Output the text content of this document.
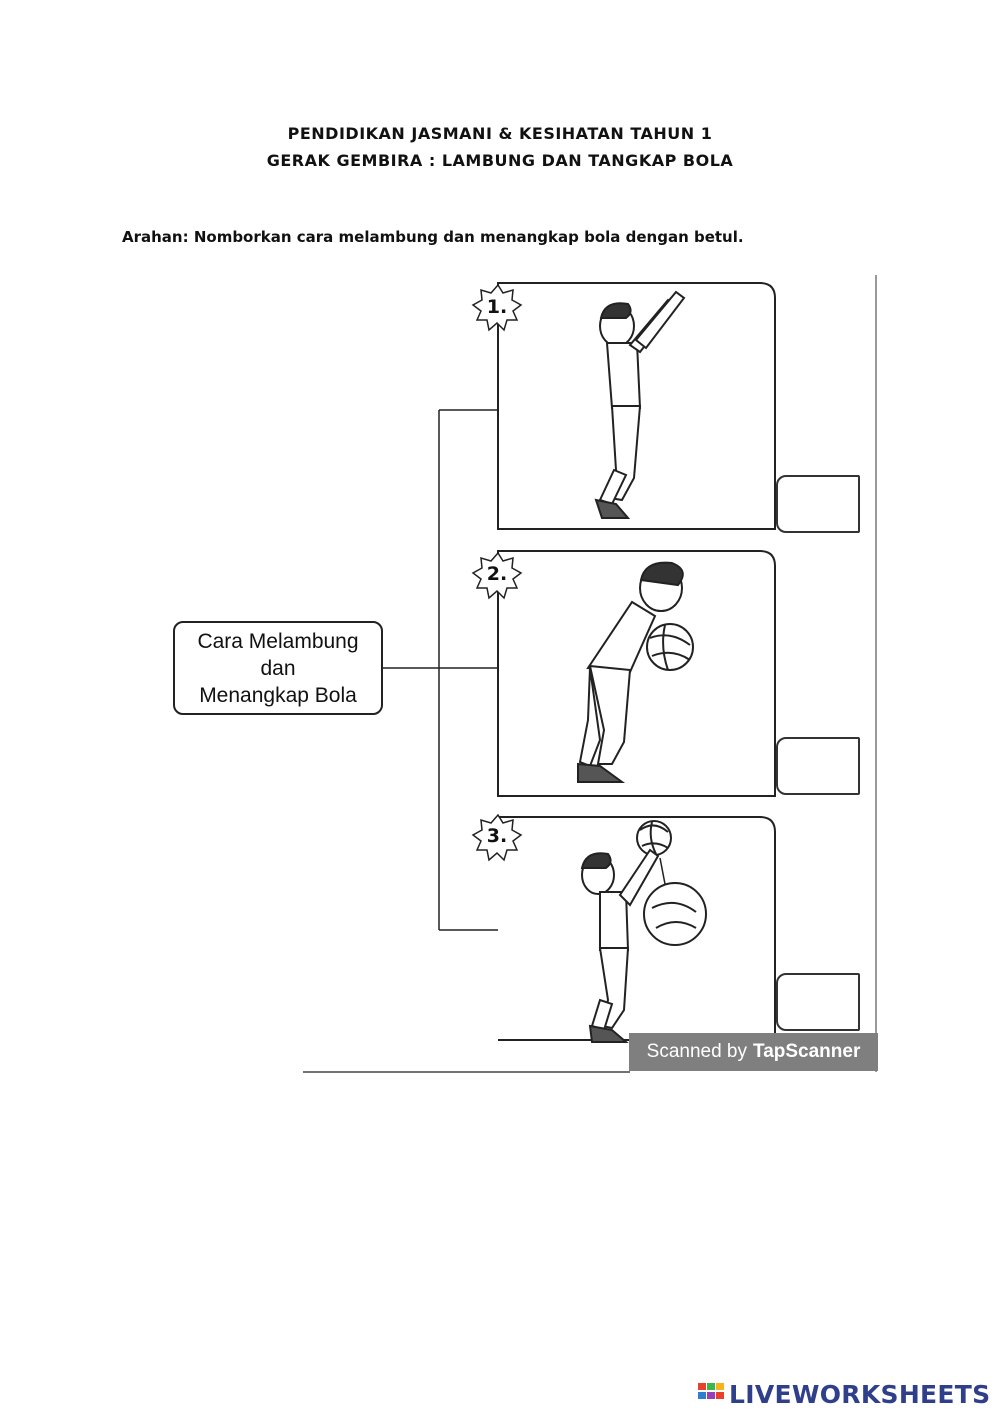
PENDIDIKAN JASMANI & KESIHATAN TAHUN 1
GERAK GEMBIRA : LAMBUNG DAN TANGKAP BOLA
Arahan: Nomborkan cara melambung dan menangkap bola dengan betul.
1.
2.
3.
Cara Melambung
dan
Menangkap Bola
Scanned by TapScanner
LIVEWORKSHEETS
